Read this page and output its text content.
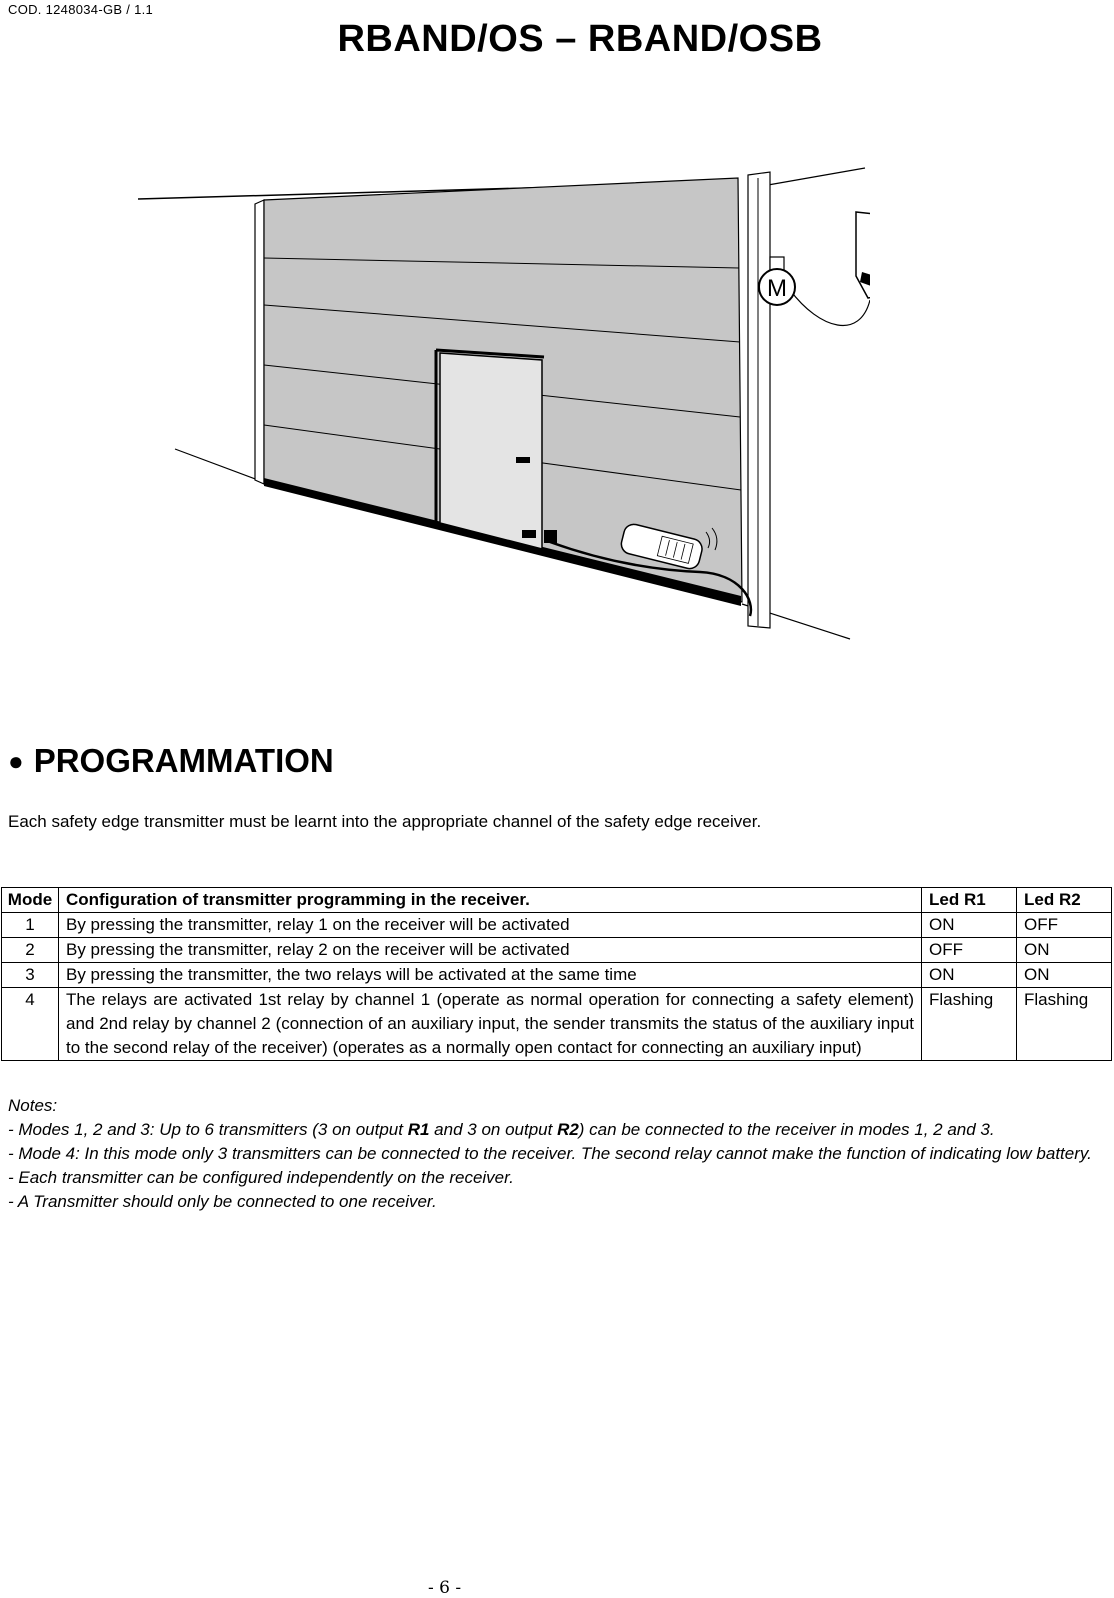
COD. 1248034-GB / 1.1
RBAND/OS – RBAND/OSB
M
● PROGRAMMATION
Each safety edge transmitter must be learnt into the appropriate channel of the safety edge receiver.
Mode	Configuration of transmitter programming in the receiver.	Led R1	Led R2
1	By pressing the transmitter, relay 1 on the receiver will be activated	ON	OFF
2	By pressing the transmitter, relay 2 on the receiver will be activated	OFF	ON
3	By pressing the transmitter, the two relays will be activated at the same time	ON	ON
4	The relays are activated 1st relay by channel 1 (operate as normal operation for connecting a safety element) and 2nd relay by channel 2 (connection of an auxiliary input, the sender transmits the status of the auxiliary input to the second relay of the receiver) (operates as a normally open contact for connecting an auxiliary input)	Flashing	Flashing

Notes:

- Modes 1, 2 and 3: Up to 6 transmitters (3 on output R1 and 3 on output R2) can be connected to the receiver in modes 1, 2 and 3.

- Mode 4: In this mode only 3 transmitters can be connected to the receiver. The second relay cannot make the function of indicating low battery.

- Each transmitter can be configured independently on the receiver.

- A Transmitter should only be connected to one receiver.

- 6 -
